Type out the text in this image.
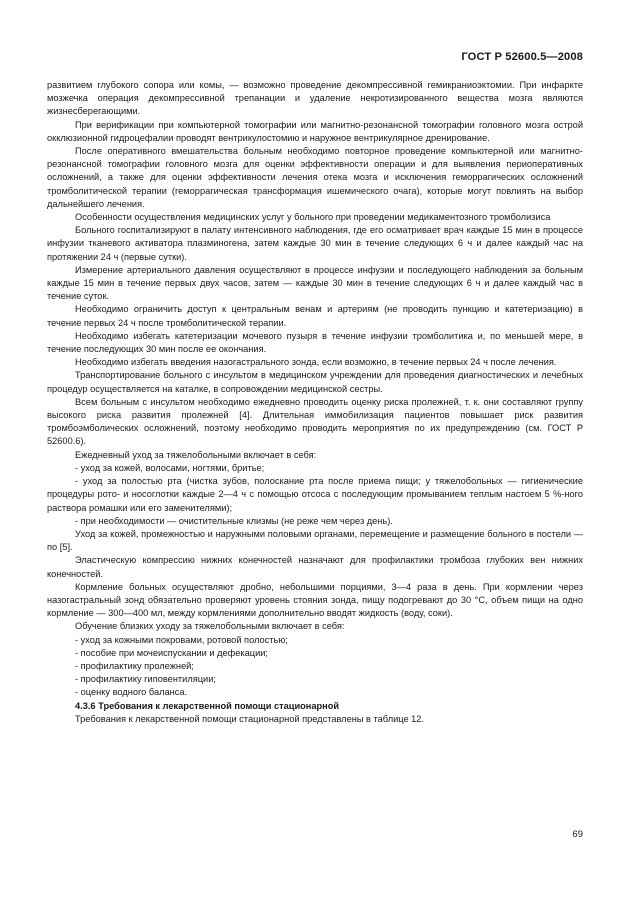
ГОСТ Р 52600.5—2008

развитием глубокого сопора или комы, — возможно проведение декомпрессивной гемикраниоэктомии. При инфаркте мозжечка операция декомпрессивной трепанации и удаление некротизированного вещества мозга являются жизнесберегающими.

При верификации при компьютерной томографии или магнитно-резонансной томографии головного мозга острой окклюзионной гидроцефалии проводят вентрикулостомию и наружное вентрикулярное дренирование.

После оперативного вмешательства больным необходимо повторное проведение компьютерной или магнитно-резонансной томографии головного мозга для оценки эффективности операции и для выявления периоперативных осложнений, а также для оценки эффективности лечения отека мозга и исключения геморрагических осложнений тромболитической терапии (геморрагическая трансформация ишемического очага), которые могут повлиять на выбор дальнейшего лечения.

Особенности осуществления медицинских услуг у больного при проведении медикаментозного тромболизиса

Больного госпитализируют в палату интенсивного наблюдения, где его осматривает врач каждые 15 мин в процессе инфузии тканевого активатора плазминогена, затем каждые 30 мин в течение следующих 6 ч и далее каждый час на протяжении 24 ч (первые сутки).

Измерение артериального давления осуществляют в процессе инфузии и последующего наблюдения за больным каждые 15 мин в течение первых двух часов, затем — каждые 30 мин в течение следующих 6 ч и далее каждый час в течение суток.

Необходимо ограничить доступ к центральным венам и артериям (не проводить пункцию и катетеризацию) в течение первых 24 ч после тромболитической терапии.

Необходимо избегать катетеризации мочевого пузыря в течение инфузии тромболитика и, по меньшей мере, в течение последующих 30 мин после ее окончания.

Необходимо избегать введения назогастрального зонда, если возможно, в течение первых 24 ч после лечения.

Транспортирование больного с инсультом в медицинском учреждении для проведения диагностических и лечебных процедур осуществляется на каталке, в сопровождении медицинской сестры.

Всем больным с инсультом необходимо ежедневно проводить оценку риска пролежней, т. к. они составляют группу высокого риска развития пролежней [4]. Длительная иммобилизация пациентов повышает риск развития тромбоэмболических осложнений, поэтому необходимо проводить мероприятия по их предупреждению (см. ГОСТ Р 52600.6).

Ежедневный уход за тяжелобольными включает в себя:

- уход за кожей, волосами, ногтями, бритье;

- уход за полостью рта (чистка зубов, полоскание рта после приема пищи; у тяжелобольных — гигиенические процедуры рото- и носоглотки каждые 2—4 ч с помощью отсоса с последующим промыванием теплым настоем 5 %-ного раствора ромашки или его заменителями);

- при необходимости — очистительные клизмы (не реже чем через день).

Уход за кожей, промежностью и наружными половыми органами, перемещение и размещение больного в постели — по [5].

Эластическую компрессию нижних конечностей назначают для профилактики тромбоза глубоких вен нижних конечностей.

Кормление больных осуществляют дробно, небольшими порциями, 3—4 раза в день. При кормлении через назогастральный зонд обязательно проверяют уровень стояния зонда, пищу подогревают до 30 °С, объем пищи на одно кормление — 300—400 мл, между кормлениями дополнительно вводят жидкость (воду, соки).

Обучение близких уходу за тяжелобольными включает в себя:

- уход за кожными покровами, ротовой полостью;

- пособие при мочеиспускании и дефекации;

- профилактику пролежней;

- профилактику гиповентиляции;

- оценку водного баланса.

4.3.6 Требования к лекарственной помощи стационарной

Требования к лекарственной помощи стационарной представлены в таблице 12.

69
